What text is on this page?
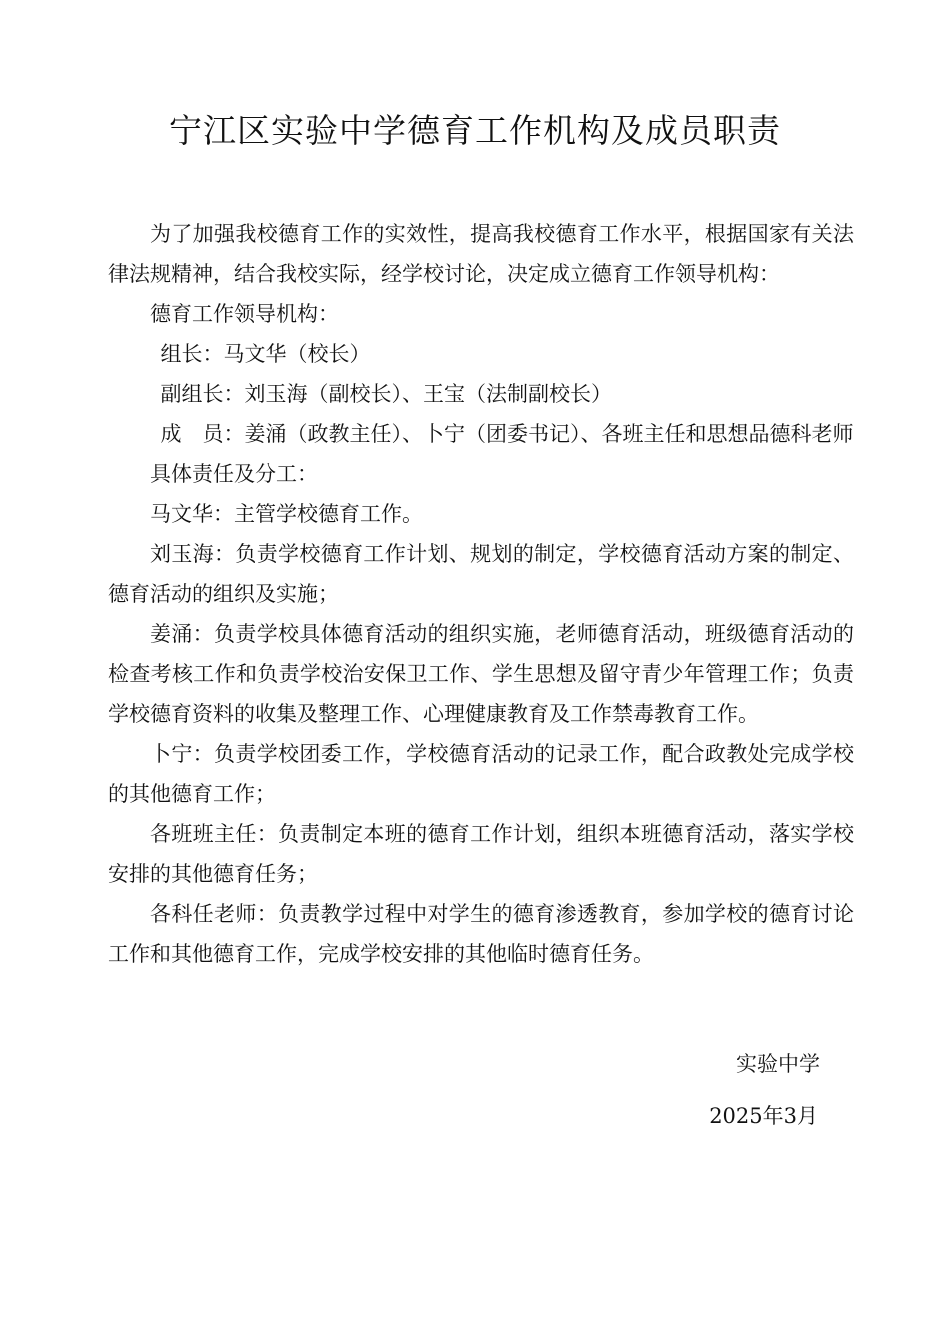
宁江区实验中学德育工作机构及成员职责

为了加强我校德育工作的实效性，提高我校德育工作水平，根据国家有关法律法规精神，结合我校实际，经学校讨论，决定成立德育工作领导机构：

德育工作领导机构：

组长：马文华（校长）

副组长：刘玉海（副校长）、王宝（法制副校长）

成　员：姜涌（政教主任）、卜宁（团委书记）、各班主任和思想品德科老师

具体责任及分工：

马文华：主管学校德育工作。

刘玉海：负责学校德育工作计划、规划的制定，学校德育活动方案的制定、德育活动的组织及实施；

姜涌：负责学校具体德育活动的组织实施，老师德育活动，班级德育活动的检查考核工作和负责学校治安保卫工作、学生思想及留守青少年管理工作；负责学校德育资料的收集及整理工作、心理健康教育及工作禁毒教育工作。

卜宁：负责学校团委工作，学校德育活动的记录工作，配合政教处完成学校的其他德育工作；

各班班主任：负责制定本班的德育工作计划，组织本班德育活动，落实学校安排的其他德育任务；

各科任老师：负责教学过程中对学生的德育渗透教育，参加学校的德育讨论工作和其他德育工作，完成学校安排的其他临时德育任务。

实验中学
2025年3月
